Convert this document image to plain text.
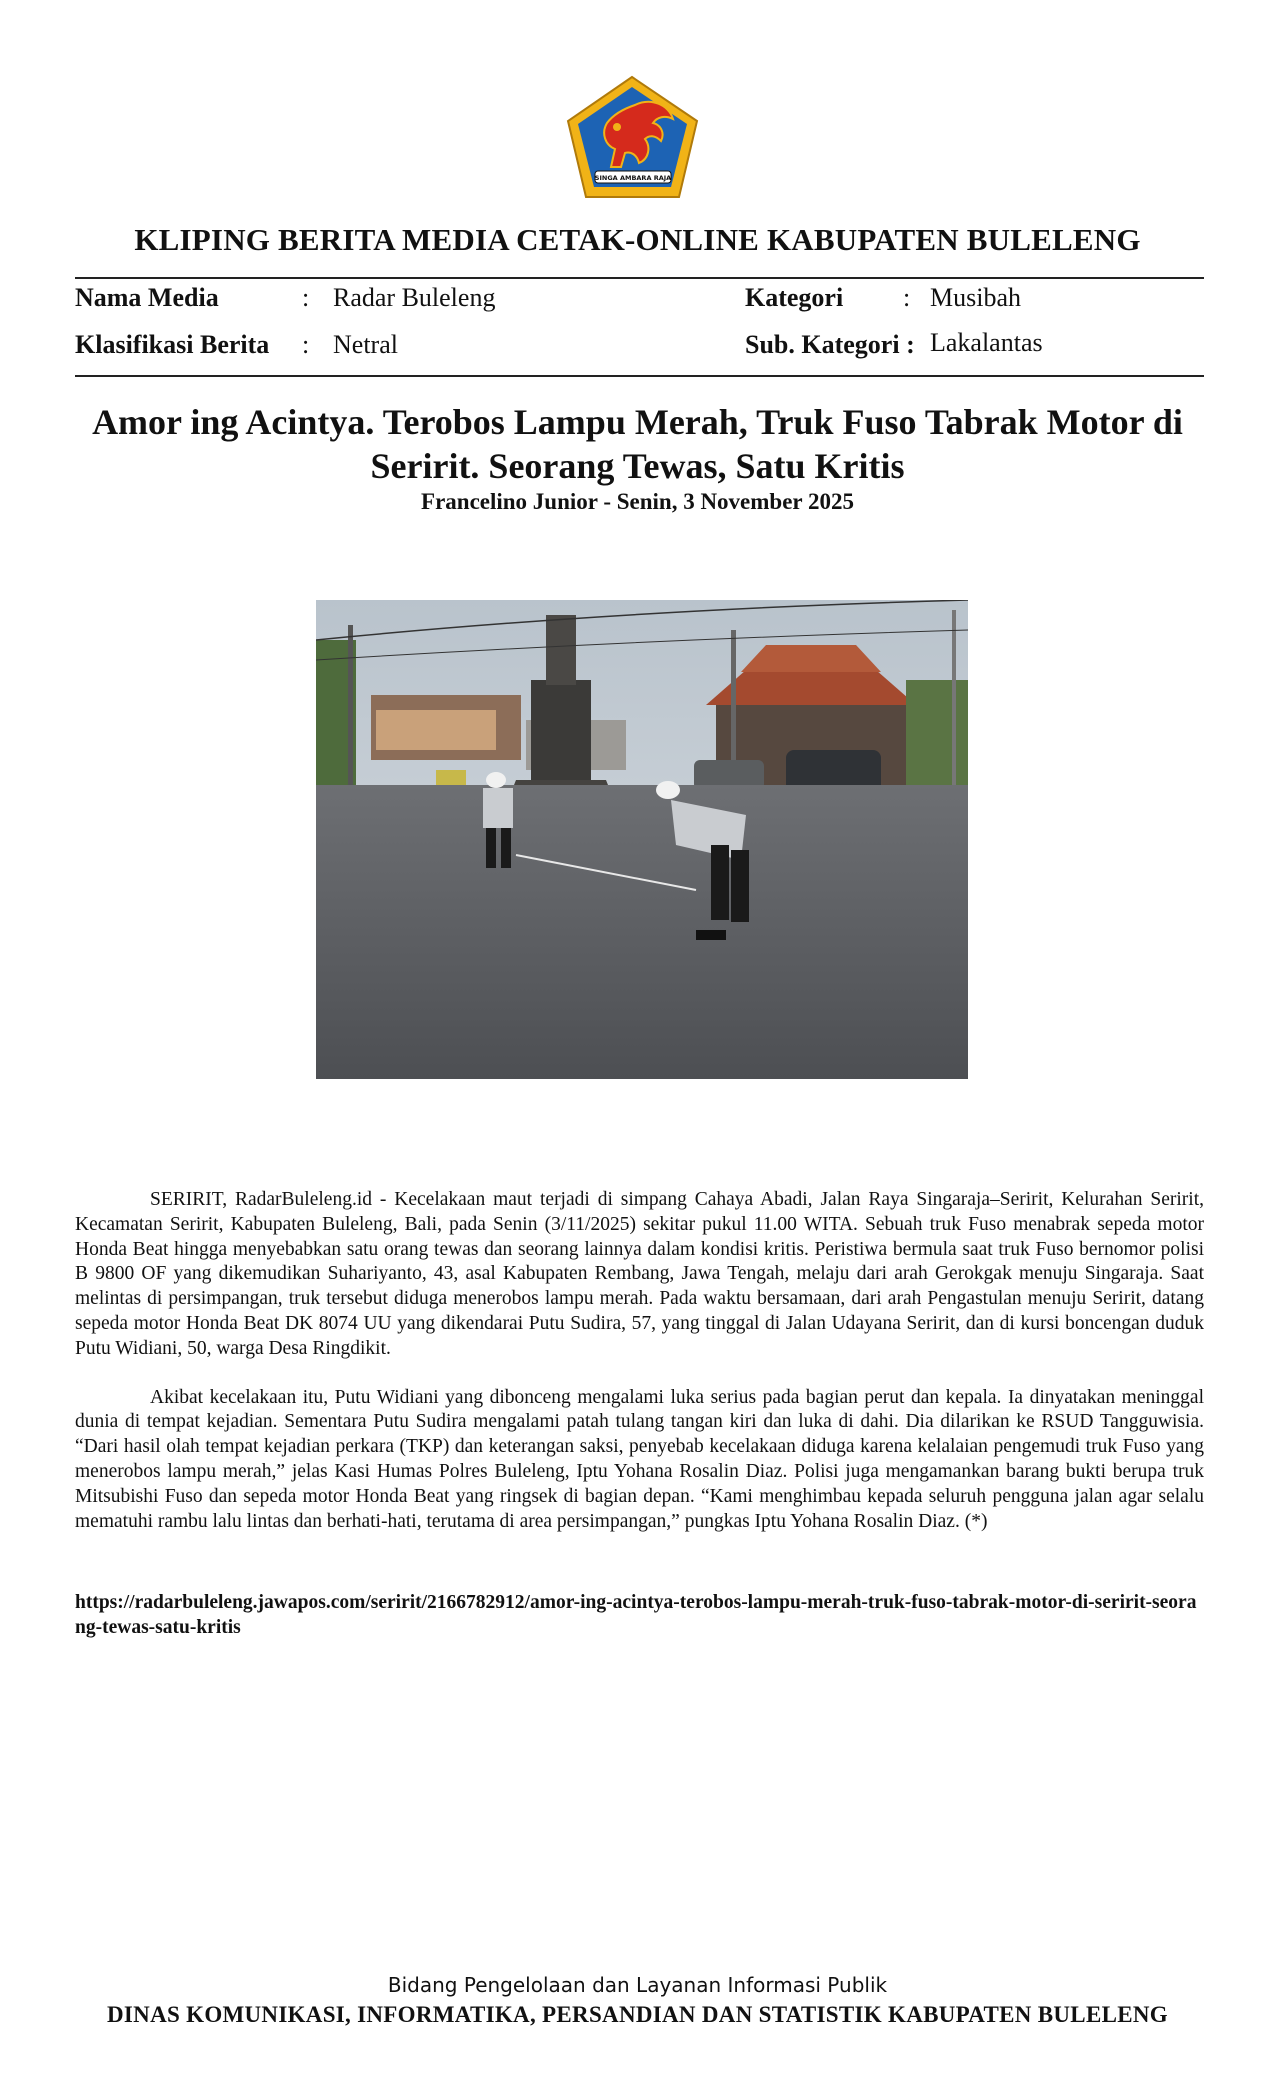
SINGA AMBARA RAJA
KLIPING BERITA MEDIA CETAK-ONLINE KABUPATEN BULELENG
Nama Media	: Radar Buleleng
Klasifikasi Berita : Netral
Kategori : Musibah
Sub. Kategori : Lakalantas
Amor ing Acintya. Terobos Lampu Merah, Truk Fuso Tabrak Motor di Seririt. Seorang Tewas, Satu Kritis
Francelino Junior - Senin, 3 November 2025

SERIRIT, RadarBuleleng.id - Kecelakaan maut terjadi di simpang Cahaya Abadi, Jalan Raya Singaraja–Seririt, Kelurahan Seririt, Kecamatan Seririt, Kabupaten Buleleng, Bali, pada Senin (3/11/2025) sekitar pukul 11.00 WITA. Sebuah truk Fuso menabrak sepeda motor Honda Beat hingga menyebabkan satu orang tewas dan seorang lainnya dalam kondisi kritis. Peristiwa bermula saat truk Fuso bernomor polisi B 9800 OF yang dikemudikan Suhariyanto, 43, asal Kabupaten Rembang, Jawa Tengah, melaju dari arah Gerokgak menuju Singaraja. Saat melintas di persimpangan, truk tersebut diduga menerobos lampu merah. Pada waktu bersamaan, dari arah Pengastulan menuju Seririt, datang sepeda motor Honda Beat DK 8074 UU yang dikendarai Putu Sudira, 57, yang tinggal di Jalan Udayana Seririt, dan di kursi boncengan duduk Putu Widiani, 50, warga Desa Ringdikit.

Akibat kecelakaan itu, Putu Widiani yang dibonceng mengalami luka serius pada bagian perut dan kepala. Ia dinyatakan meninggal dunia di tempat kejadian. Sementara Putu Sudira mengalami patah tulang tangan kiri dan luka di dahi. Dia dilarikan ke RSUD Tangguwisia. “Dari hasil olah tempat kejadian perkara (TKP) dan keterangan saksi, penyebab kecelakaan diduga karena kelalaian pengemudi truk Fuso yang menerobos lampu merah,” jelas Kasi Humas Polres Buleleng, Iptu Yohana Rosalin Diaz. Polisi juga mengamankan barang bukti berupa truk Mitsubishi Fuso dan sepeda motor Honda Beat yang ringsek di bagian depan. “Kami menghimbau kepada seluruh pengguna jalan agar selalu mematuhi rambu lalu lintas dan berhati-hati, terutama di area persimpangan,” pungkas Iptu Yohana Rosalin Diaz. (*)

https://radarbuleleng.jawapos.com/seririt/2166782912/amor-ing-acintya-terobos-lampu-merah-truk-fuso-tabrak-motor-di-seririt-seorang-tewas-satu-kritis
Bidang Pengelolaan dan Layanan Informasi Publik
DINAS KOMUNIKASI, INFORMATIKA, PERSANDIAN DAN STATISTIK KABUPATEN BULELENG
